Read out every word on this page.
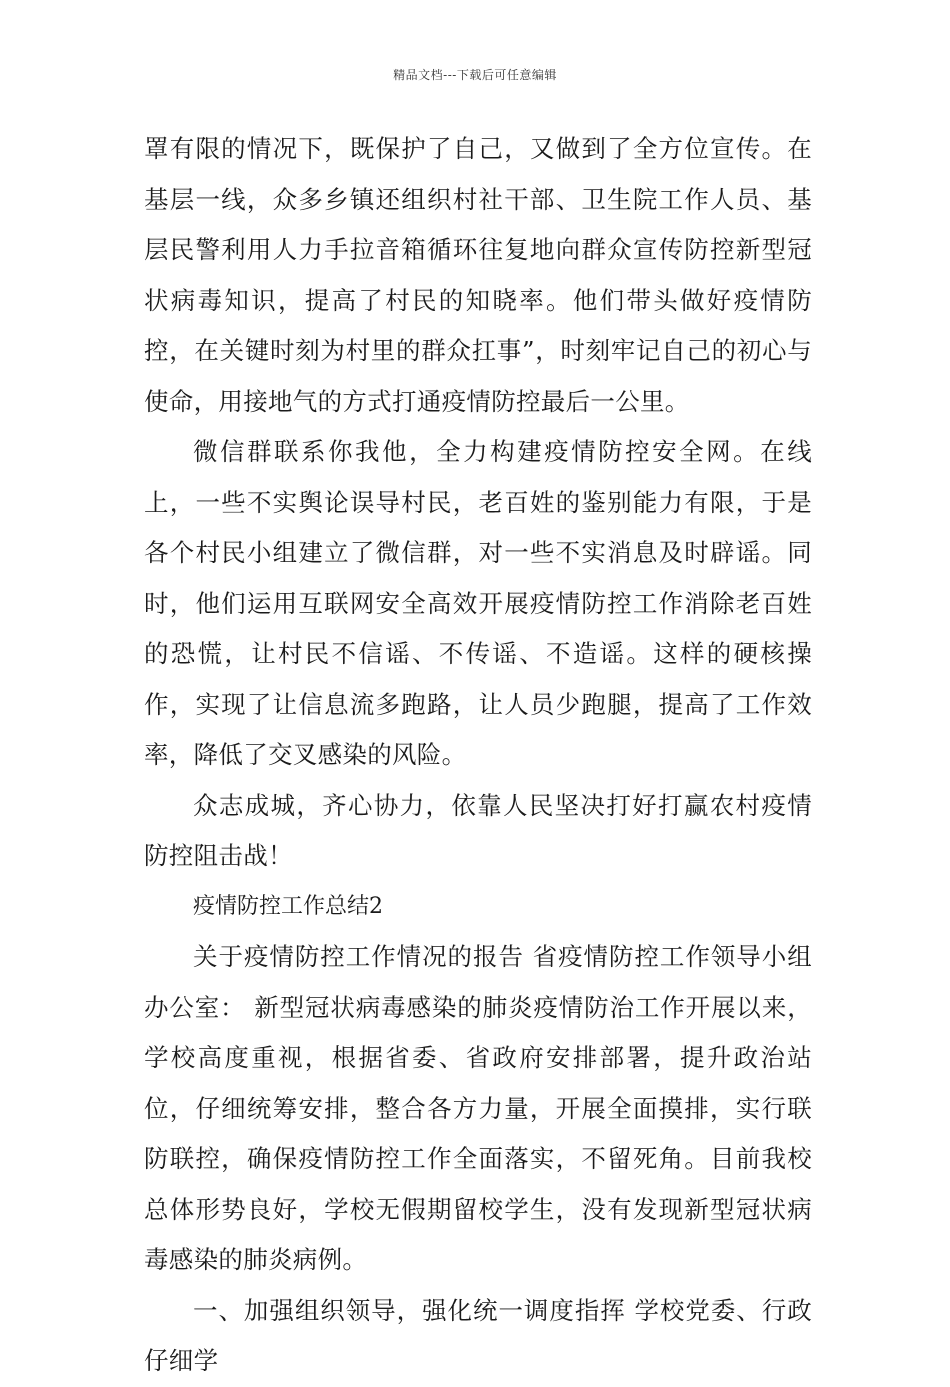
精品文档---下载后可任意编辑

罩有限的情况下，既保护了自己，又做到了全方位宣传。在基层一线，众多乡镇还组织村社干部、卫生院工作人员、基层民警利用人力手拉音箱循环往复地向群众宣传防控新型冠状病毒知识，提高了村民的知晓率。他们带头做好疫情防控，在关键时刻为村里的群众扛事”，时刻牢记自己的初心与使命，用接地气的方式打通疫情防控最后一公里。

微信群联系你我他，全力构建疫情防控安全网。在线上，一些不实舆论误导村民，老百姓的鉴别能力有限，于是各个村民小组建立了微信群，对一些不实消息及时辟谣。同时，他们运用互联网安全高效开展疫情防控工作消除老百姓的恐慌，让村民不信谣、不传谣、不造谣。这样的硬核操作，实现了让信息流多跑路，让人员少跑腿，提高了工作效率，降低了交叉感染的风险。

众志成城，齐心协力，依靠人民坚决打好打赢农村疫情防控阻击战！

疫情防控工作总结2

关于疫情防控工作情况的报告 省疫情防控工作领导小组办公室： 新型冠状病毒感染的肺炎疫情防治工作开展以来，学校高度重视，根据省委、省政府安排部署，提升政治站位，仔细统筹安排，整合各方力量，开展全面摸排，实行联防联控，确保疫情防控工作全面落实，不留死角。目前我校总体形势良好，学校无假期留校学生，没有发现新型冠状病毒感染的肺炎病例。

一、加强组织领导，强化统一调度指挥 学校党委、行政仔细学
